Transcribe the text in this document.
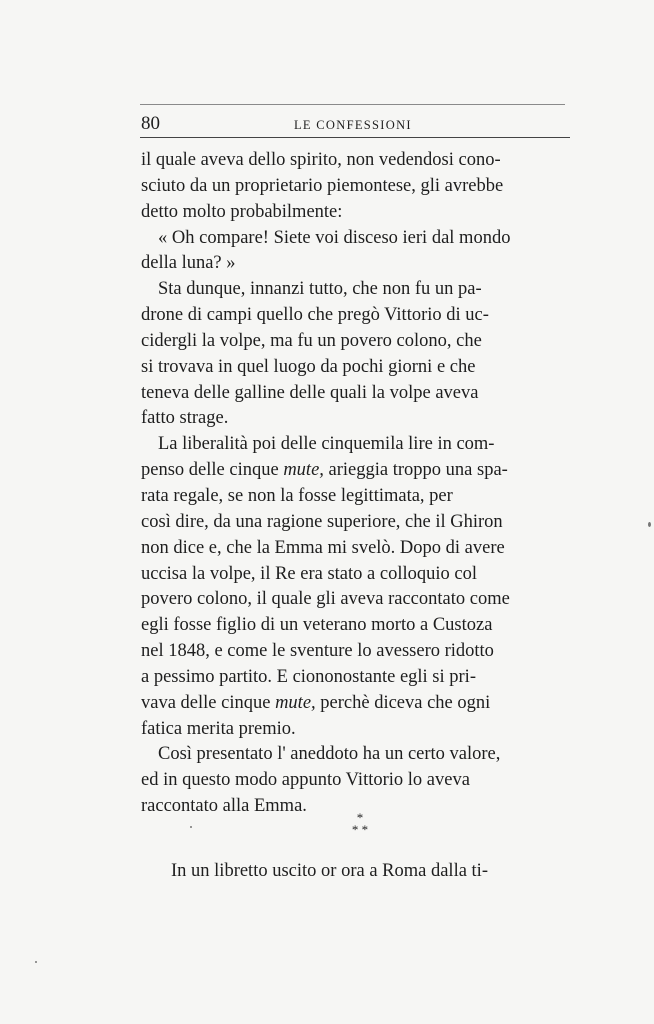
80	LE CONFESSIONI

il quale aveva dello spirito, non vedendosi cono-
sciuto da un proprietario piemontese, gli avrebbe
detto molto probabilmente:

« Oh compare! Siete voi disceso ieri dal mondo
della luna? »

Sta dunque, innanzi tutto, che non fu un pa-
drone di campi quello che pregò Vittorio di uc-
cidergli la volpe, ma fu un povero colono, che
si trovava in quel luogo da pochi giorni e che
teneva delle galline delle quali la volpe aveva
fatto strage.

La liberalità poi delle cinquemila lire in com-
penso delle cinque mute, arieggia troppo una spa-
rata regale, se non la fosse legittimata, per
così dire, da una ragione superiore, che il Ghiron
non dice e, che la Emma mi svelò. Dopo di avere
uccisa la volpe, il Re era stato a colloquio col
povero colono, il quale gli aveva raccontato come
egli fosse figlio di un veterano morto a Custoza
nel 1848, e come le sventure lo avessero ridotto
a pessimo partito. E ciononostante egli si pri-
vava delle cinque mute, perchè diceva che ogni
fatica merita premio.

Così presentato l' aneddoto ha un certo valore,
ed in questo modo appunto Vittorio lo aveva
raccontato alla Emma.

*
* *
In un libretto uscito or ora a Roma dalla ti-
